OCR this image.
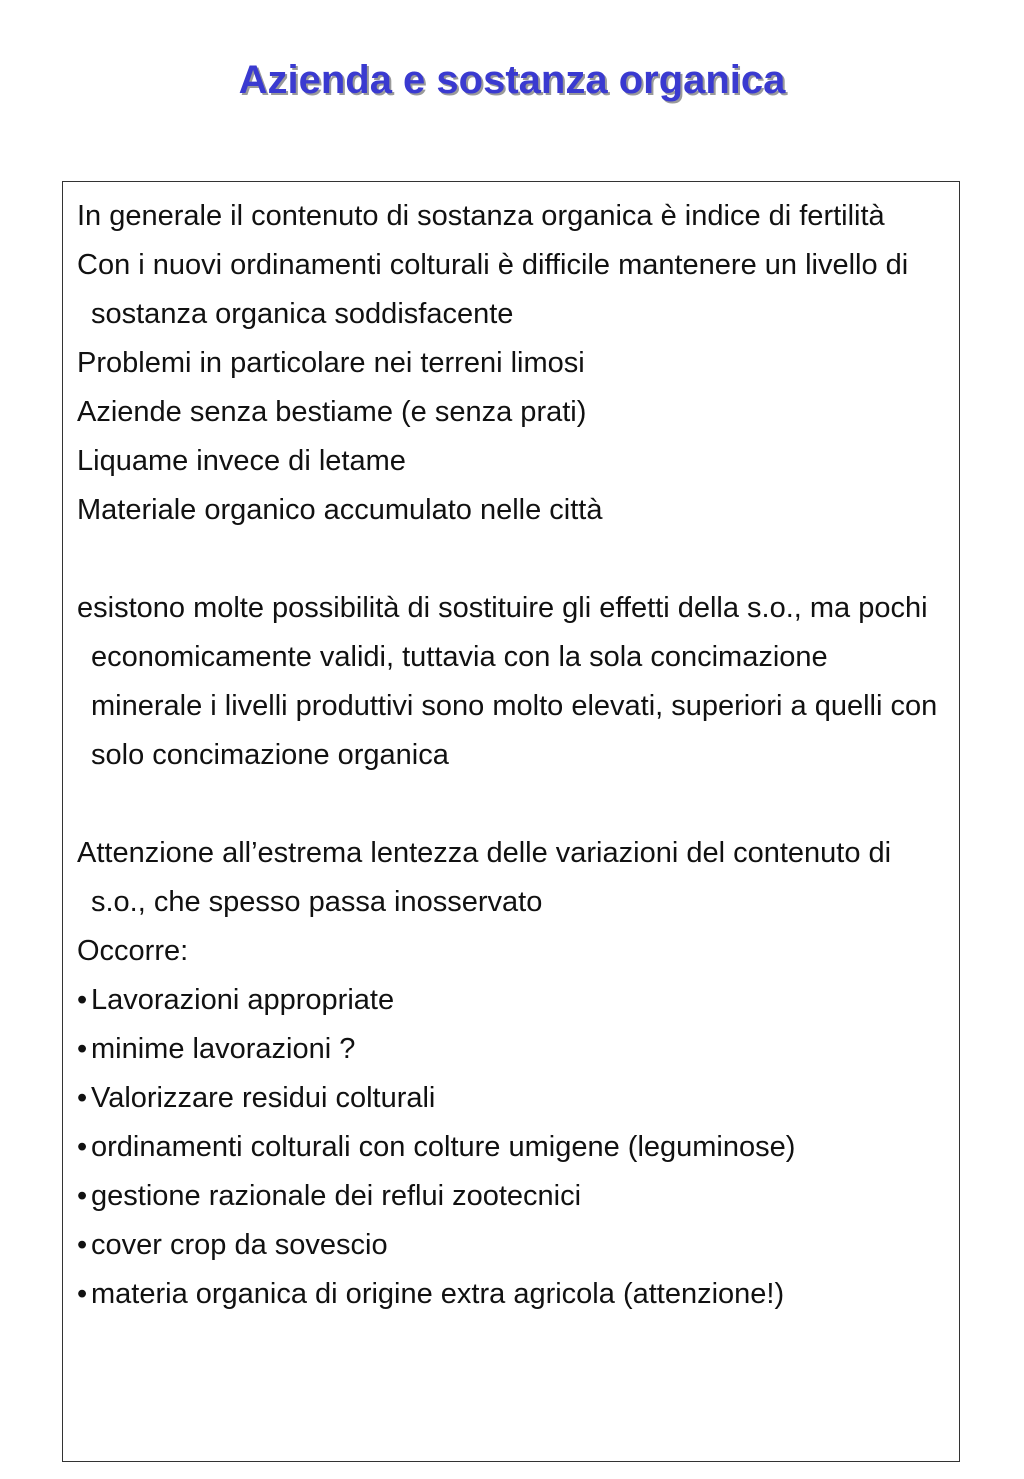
Azienda e sostanza organica

In generale il contenuto di sostanza organica è indice di fertilità

Con i nuovi ordinamenti colturali è difficile mantenere un livello di sostanza organica soddisfacente

Problemi in particolare nei terreni limosi

Aziende senza bestiame (e senza prati)

Liquame invece di letame

Materiale organico accumulato nelle città

esistono molte possibilità di sostituire gli effetti della s.o., ma pochi economicamente validi, tuttavia con la sola concimazione minerale i livelli produttivi sono molto elevati, superiori a quelli con solo concimazione organica

Attenzione all’estrema lentezza delle variazioni del contenuto di s.o., che spesso passa inosservato

Occorre:

• Lavorazioni appropriate
• minime lavorazioni ?
• Valorizzare residui colturali
• ordinamenti colturali con colture umigene (leguminose)
• gestione razionale dei reflui zootecnici
• cover crop da sovescio
• materia organica di origine extra agricola (attenzione!)
